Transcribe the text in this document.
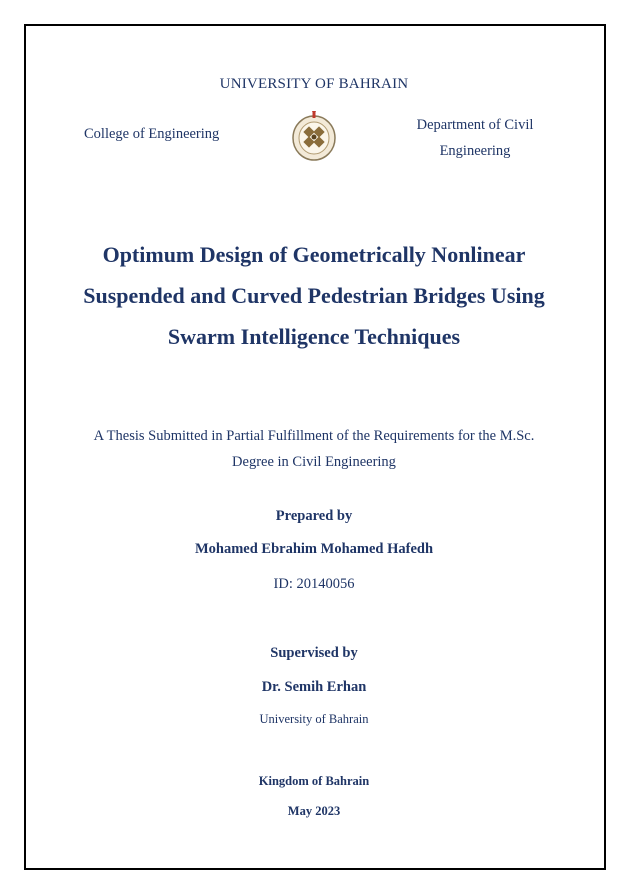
UNIVERSITY OF BAHRAIN
College of Engineering
Department of Civil
Engineering
Optimum Design of Geometrically Nonlinear
Suspended and Curved Pedestrian Bridges Using
Swarm Intelligence Techniques
A Thesis Submitted in Partial Fulfillment of the Requirements for the M.Sc.
Degree in Civil Engineering
Prepared by
Mohamed Ebrahim Mohamed Hafedh
ID: 20140056
Supervised by
Dr. Semih Erhan
University of Bahrain
Kingdom of Bahrain
May 2023
